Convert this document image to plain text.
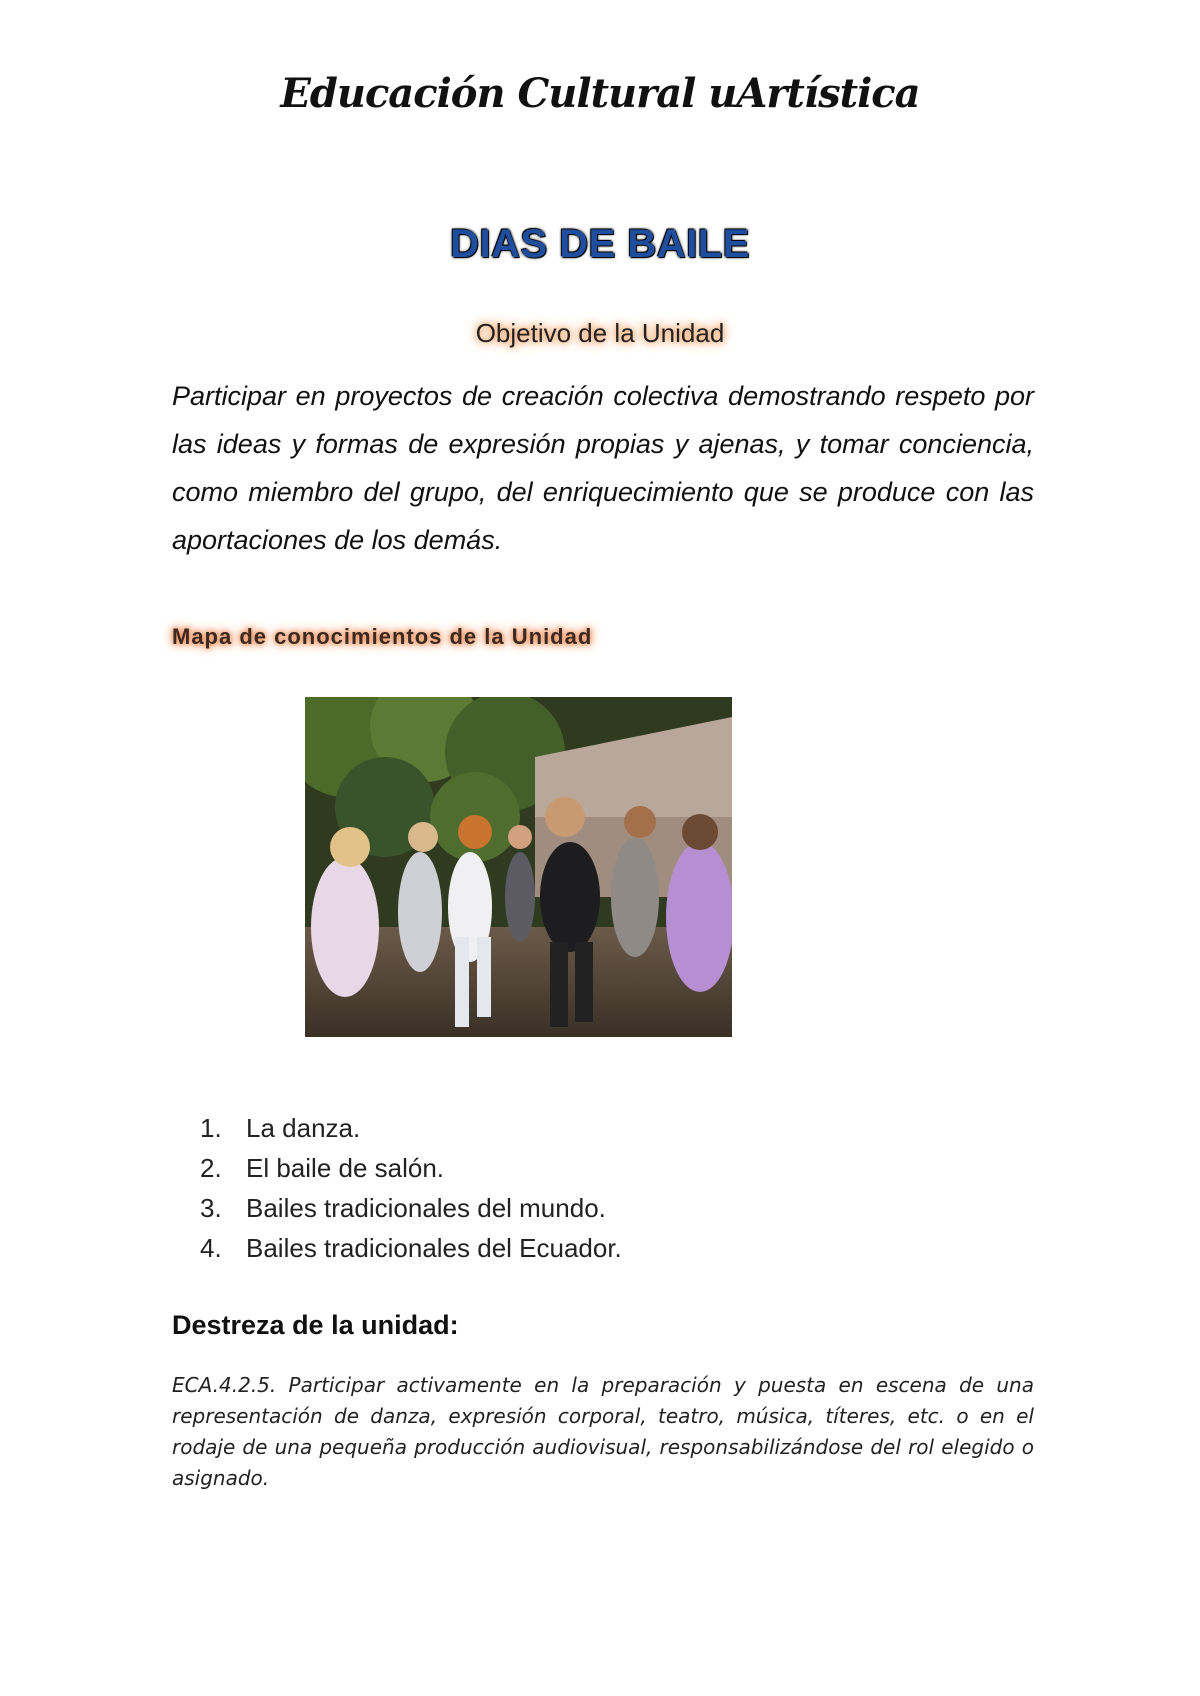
Educación Cultural uArtística
DIAS DE BAILE
Objetivo de la Unidad
Participar en proyectos de creación colectiva demostrando respeto por las ideas y formas de expresión propias y ajenas, y tomar conciencia, como miembro del grupo, del enriquecimiento que se produce con las aportaciones de los demás.
Mapa de conocimientos de la Unidad
1. La danza.
2. El baile de salón.
3. Bailes tradicionales del mundo.
4. Bailes tradicionales del Ecuador.
Destreza de la unidad:
ECA.4.2.5. Participar activamente en la preparación y puesta en escena de una representación de danza, expresión corporal, teatro, música, títeres, etc. o en el rodaje de una pequeña producción audiovisual, responsabilizándose del rol elegido o asignado.
